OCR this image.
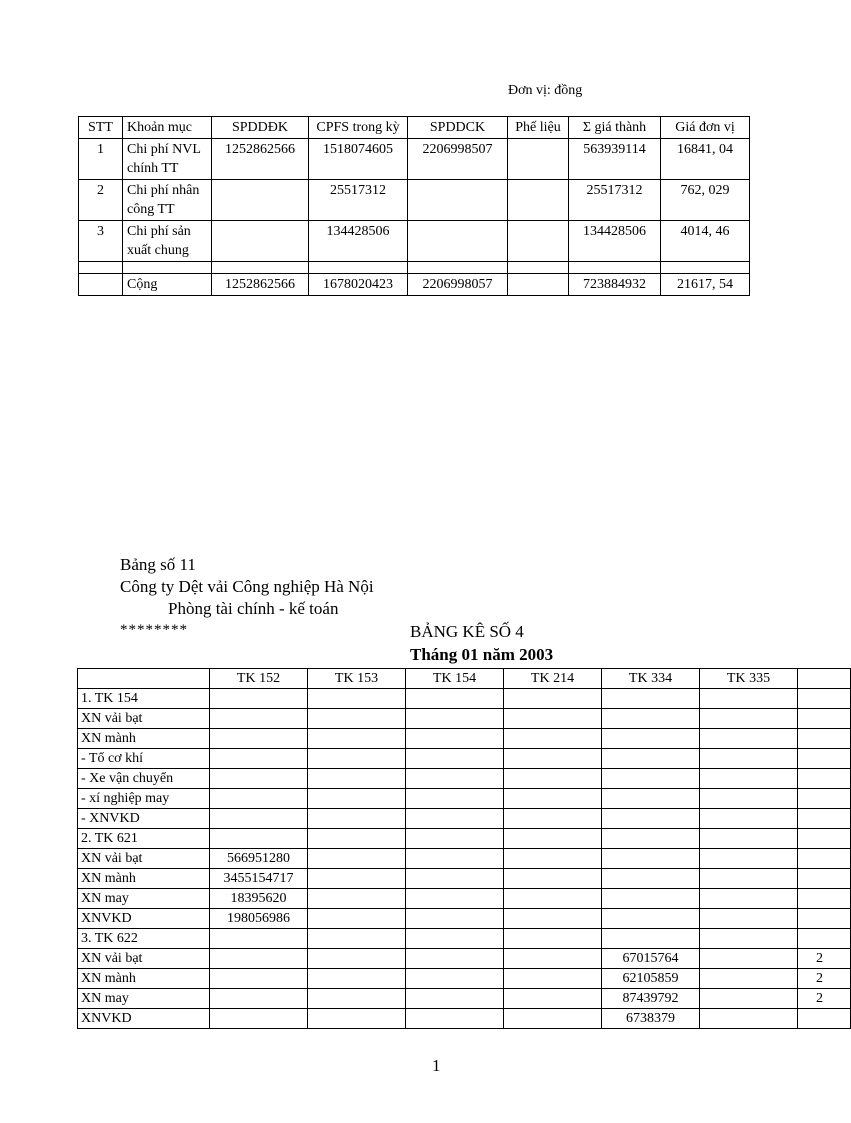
Đơn vị: đồng
STT	Khoản mục	SPDDĐK	CPFS trong kỳ	SPDDCK	Phế liệu	Σ giá thành	Giá đơn vị
1	Chi phí NVL chính TT	1252862566	1518074605	2206998507		563939114	16841, 04
2	Chi phí nhân công TT		25517312			25517312	762, 029
3	Chi phí sản xuất chung		134428506			134428506	4014, 46

	Cộng	1252862566	1678020423	2206998057		723884932	21617, 54
Bảng số 11
Công ty Dệt vải Công nghiệp Hà Nội
Phòng tài chính - kế toán
********	BẢNG KÊ SỐ 4
Tháng 01 năm 2003
	TK 152	TK 153	TK 154	TK 214	TK 334	TK 335	
1. TK 154							
XN vải bạt							
XN mành							
- Tổ cơ khí							
- Xe vận chuyển							
- xí nghiệp may							
- XNVKD							
2. TK 621							
XN vải bạt	566951280						
XN mành	3455154717						
XN may	18395620						
XNVKD	198056986						
3. TK 622							
XN vải bạt					67015764		2
XN mành					62105859		2
XN may					87439792		2
XNVKD					6738379		
1
